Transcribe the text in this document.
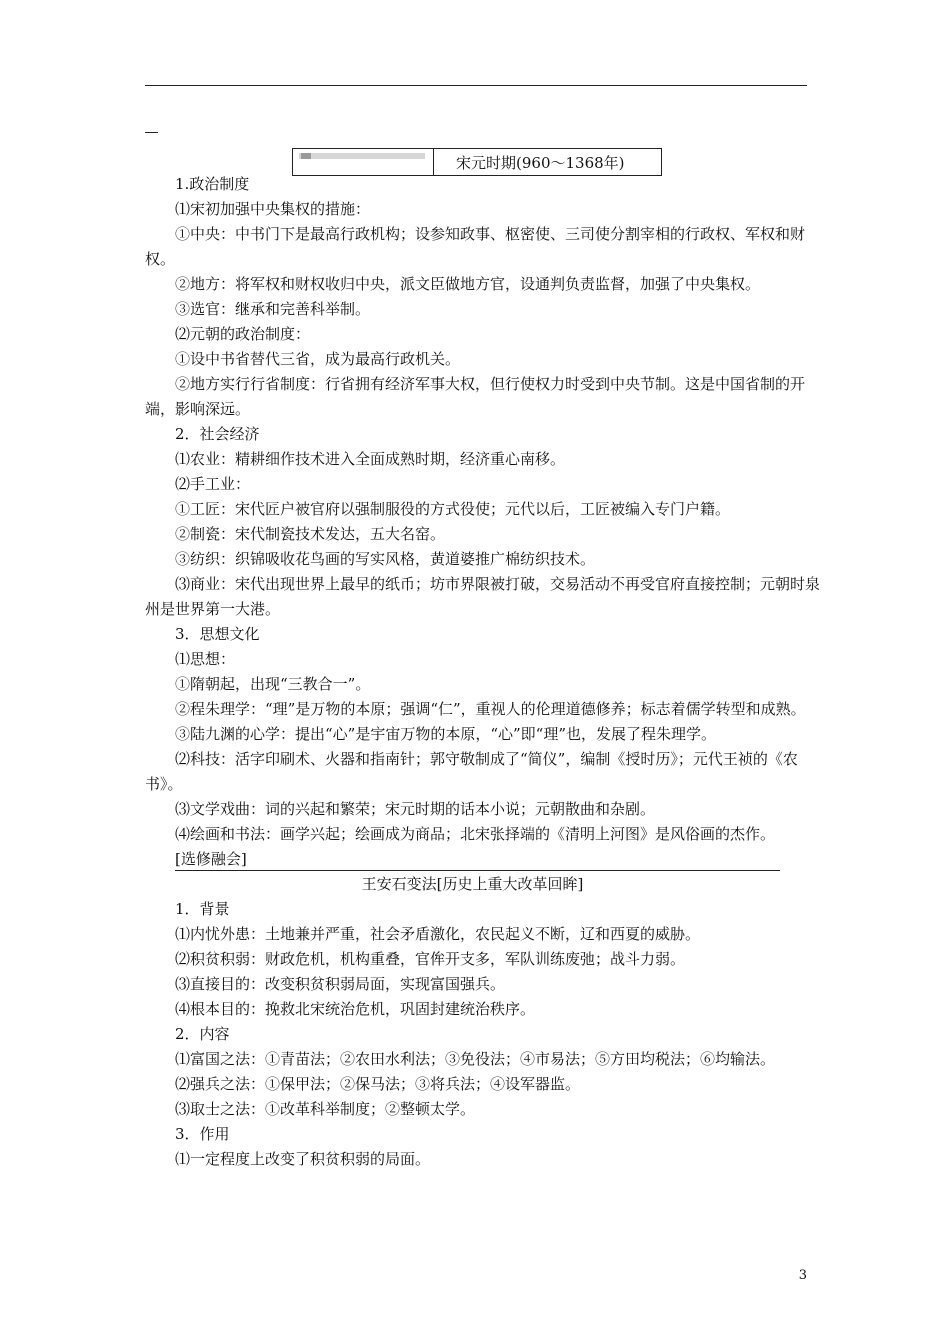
宋元时期(960～1368年)

1.政治制度

⑴宋初加强中央集权的措施：

①中央：中书门下是最高行政机构；设参知政事、枢密使、三司使分割宰相的行政权、军权和财权。

②地方：将军权和财权收归中央，派文臣做地方官，设通判负责监督，加强了中央集权。

③选官：继承和完善科举制。

⑵元朝的政治制度：

①设中书省替代三省，成为最高行政机关。

②地方实行行省制度：行省拥有经济军事大权，但行使权力时受到中央节制。这是中国省制的开端，影响深远。

2．社会经济

⑴农业：精耕细作技术进入全面成熟时期，经济重心南移。

⑵手工业：

①工匠：宋代匠户被官府以强制服役的方式役使；元代以后，工匠被编入专门户籍。

②制瓷：宋代制瓷技术发达，五大名窑。

③纺织：织锦吸收花鸟画的写实风格，黄道婆推广棉纺织技术。

⑶商业：宋代出现世界上最早的纸币；坊市界限被打破，交易活动不再受官府直接控制；元朝时泉州是世界第一大港。

3．思想文化

⑴思想：

①隋朝起，出现“三教合一”。

②程朱理学：“理”是万物的本原；强调“仁”，重视人的伦理道德修养；标志着儒学转型和成熟。

③陆九渊的心学：提出“心”是宇宙万物的本原，“心”即“理”也，发展了程朱理学。

⑵科技：活字印刷术、火器和指南针；郭守敬制成了“简仪”，编制《授时历》；元代王祯的《农书》。

⑶文学戏曲：词的兴起和繁荣；宋元时期的话本小说；元朝散曲和杂剧。

⑷绘画和书法：画学兴起；绘画成为商品；北宋张择端的《清明上河图》是风俗画的杰作。

[选修融会]

王安石变法[历史上重大改革回眸]

1．背景

⑴内忧外患：土地兼并严重，社会矛盾激化，农民起义不断，辽和西夏的威胁。

⑵积贫积弱：财政危机，机构重叠，官侔开支多，军队训练废弛；战斗力弱。

⑶直接目的：改变积贫积弱局面，实现富国强兵。

⑷根本目的：挽救北宋统治危机，巩固封建统治秩序。

2．内容

⑴富国之法：①青苗法；②农田水利法；③免役法；④市易法；⑤方田均税法；⑥均输法。

⑵强兵之法：①保甲法；②保马法；③将兵法；④设军器监。

⑶取士之法：①改革科举制度；②整顿太学。

3．作用

⑴一定程度上改变了积贫积弱的局面。

3
